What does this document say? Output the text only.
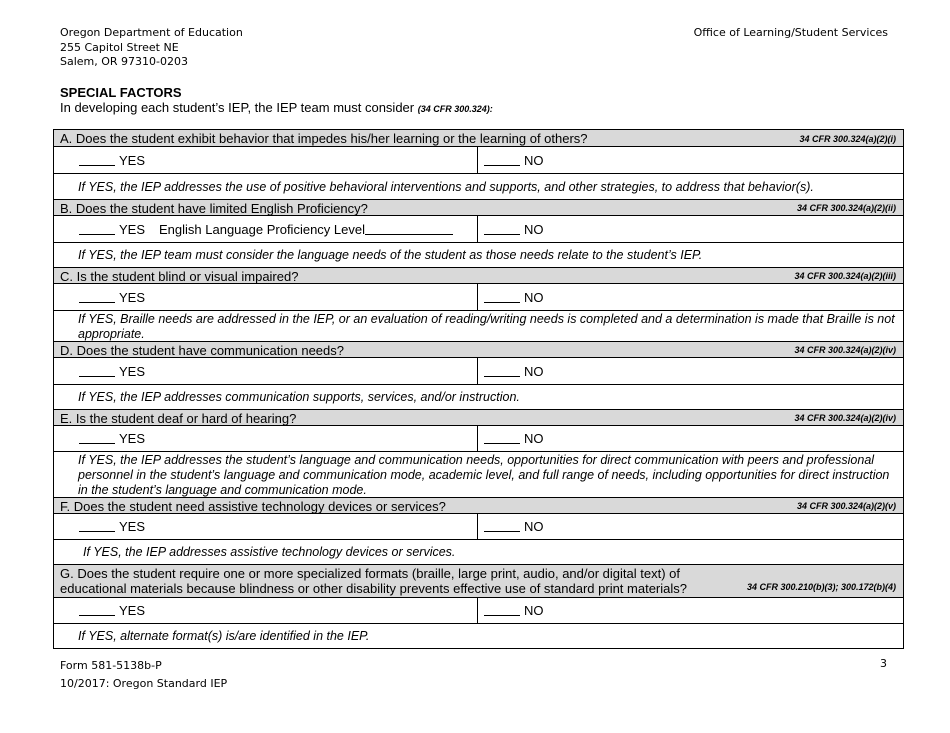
Oregon Department of Education
255 Capitol Street NE
Salem, OR 97310-0203
Office of Learning/Student Services
SPECIAL FACTORS
In developing each student’s IEP, the IEP team must consider (34 CFR 300.324):
A. Does the student exhibit behavior that impedes his/her learning or the learning of others?	34 CFR 300.324(a)(2)(i)
YES	NO
If YES, the IEP addresses the use of positive behavioral interventions and supports, and other strategies, to address that behavior(s).
B. Does the student have limited English Proficiency?	34 CFR 300.324(a)(2)(ii)
YES English Language Proficiency Level	NO
If YES, the IEP team must consider the language needs of the student as those needs relate to the student’s IEP.
C. Is the student blind or visual impaired?	34 CFR 300.324(a)(2)(iii)
YES	NO
If YES, Braille needs are addressed in the IEP, or an evaluation of reading/writing needs is completed and a determination is made that Braille is not appropriate.
D. Does the student have communication needs?	34 CFR 300.324(a)(2)(iv)
YES	NO
If YES, the IEP addresses communication supports, services, and/or instruction.
E. Is the student deaf or hard of hearing?	34 CFR 300.324(a)(2)(iv)
YES	NO
If YES, the IEP addresses the student’s language and communication needs, opportunities for direct communication with peers and professional personnel in the student’s language and communication mode, academic level, and full range of needs, including opportunities for direct instruction in the student’s language and communication mode.
F. Does the student need assistive technology devices or services?	34 CFR 300.324(a)(2)(v)
YES	NO
If YES, the IEP addresses assistive technology devices or services.
G. Does the student require one or more specialized formats (braille, large print, audio, and/or digital text) of educational materials because blindness or other disability prevents effective use of standard print materials?	34 CFR 300.210(b)(3); 300.172(b)(4)
YES	NO
If YES, alternate format(s) is/are identified in the IEP.
Form 581-5138b-P
10/2017: Oregon Standard IEP
3
